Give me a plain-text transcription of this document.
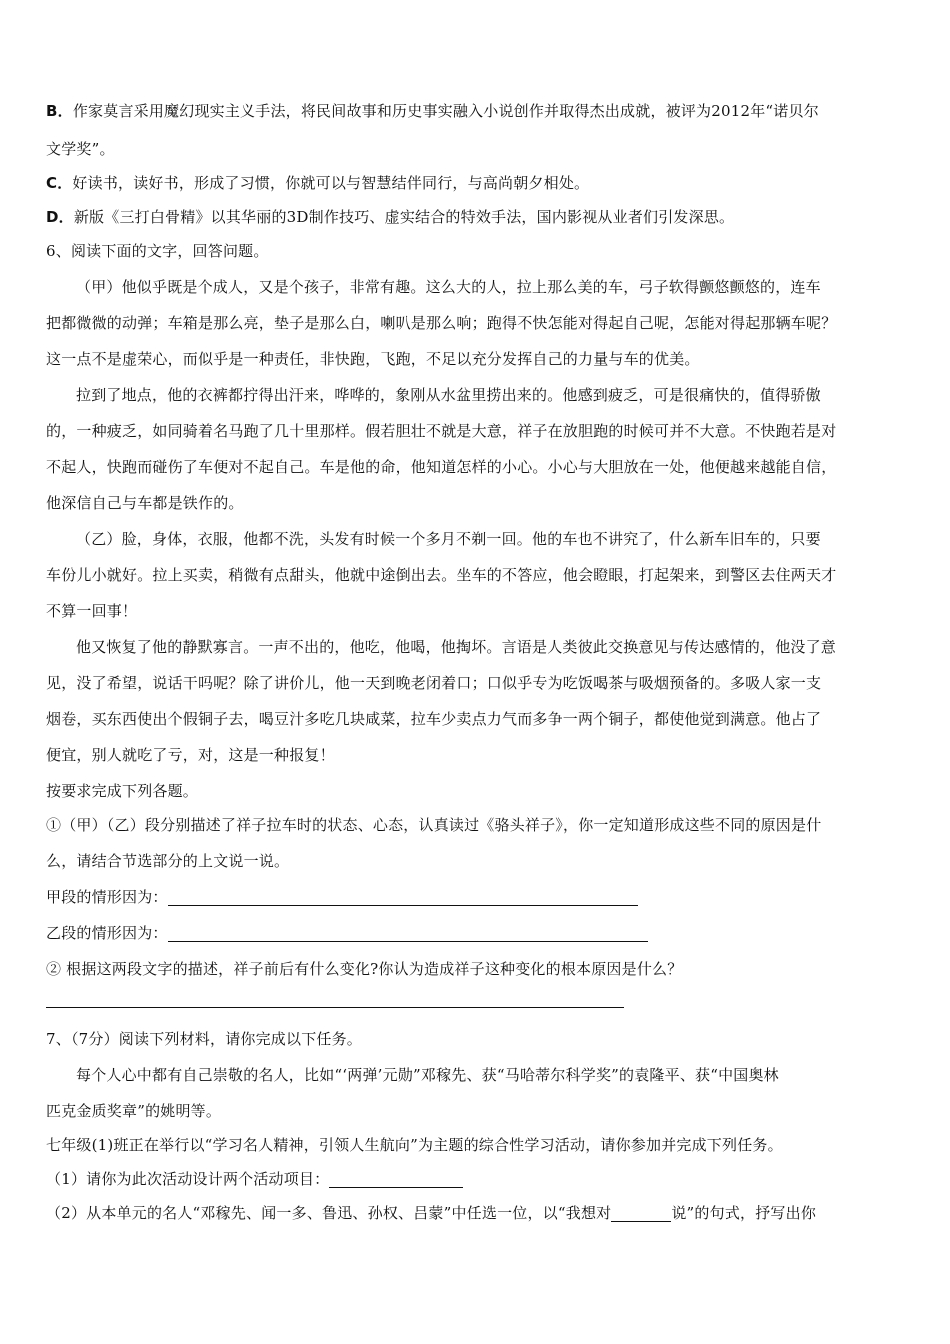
B．作家莫言采用魔幻现实主义手法，将民间故事和历史事实融入小说创作并取得杰出成就，被评为2012年“诺贝尔
文学奖”。
C．好读书，读好书，形成了习惯，你就可以与智慧结伴同行，与高尚朝夕相处。
D．新版《三打白骨精》以其华丽的3D制作技巧、虚实结合的特效手法，国内影视从业者们引发深思。
6、阅读下面的文字，回答问题。
（甲）他似乎既是个成人，又是个孩子，非常有趣。这么大的人，拉上那么美的车，弓子软得颤悠颤悠的，连车
把都微微的动弹；车箱是那么亮，垫子是那么白，喇叭是那么响；跑得不快怎能对得起自己呢，怎能对得起那辆车呢？
这一点不是虚荣心，而似乎是一种责任，非快跑，飞跑，不足以充分发挥自己的力量与车的优美。
拉到了地点，他的衣裤都拧得出汗来，哗哗的，象刚从水盆里捞出来的。他感到疲乏，可是很痛快的，值得骄傲
的，一种疲乏，如同骑着名马跑了几十里那样。假若胆壮不就是大意，祥子在放胆跑的时候可并不大意。不快跑若是对
不起人，快跑而碰伤了车便对不起自己。车是他的命，他知道怎样的小心。小心与大胆放在一处，他便越来越能自信，
他深信自己与车都是铁作的。
（乙）脸，身体，衣服，他都不洗，头发有时候一个多月不剃一回。他的车也不讲究了，什么新车旧车的，只要
车份儿小就好。拉上买卖，稍微有点甜头，他就中途倒出去。坐车的不答应，他会瞪眼，打起架来，到警区去住两天才
不算一回事！
他又恢复了他的静默寡言。一声不出的，他吃，他喝，他掏坏。言语是人类彼此交换意见与传达感情的，他没了意
见，没了希望，说话干吗呢？除了讲价儿，他一天到晚老闭着口；口似乎专为吃饭喝茶与吸烟预备的。多吸人家一支
烟卷，买东西使出个假铜子去，喝豆汁多吃几块咸菜，拉车少卖点力气而多争一两个铜子，都使他觉到满意。他占了
便宜，别人就吃了亏，对，这是一种报复！
按要求完成下列各题。
①（甲）（乙）段分别描述了祥子拉车时的状态、心态，认真读过《骆头祥子》，你一定知道形成这些不同的原因是什
么，请结合节选部分的上文说一说。
甲段的情形因为：
乙段的情形因为：
② 根据这两段文字的描述，祥子前后有什么变化?你认为造成祥子这种变化的根本原因是什么？
7、（7分）阅读下列材料，请你完成以下任务。
每个人心中都有自己崇敬的名人，比如“‘两弹’元勋”邓稼先、获“马哈蒂尔科学奖”的袁隆平、获“中国奥林
匹克金质奖章”的姚明等。
七年级(1)班正在举行以“学习名人精神，引领人生航向”为主题的综合性学习活动，请你参加并完成下列任务。
（1）请你为此次活动设计两个活动项目：
（2）从本单元的名人“邓稼先、闻一多、鲁迅、孙权、吕蒙”中任选一位，以“我想对	说”的句式，抒写出你
